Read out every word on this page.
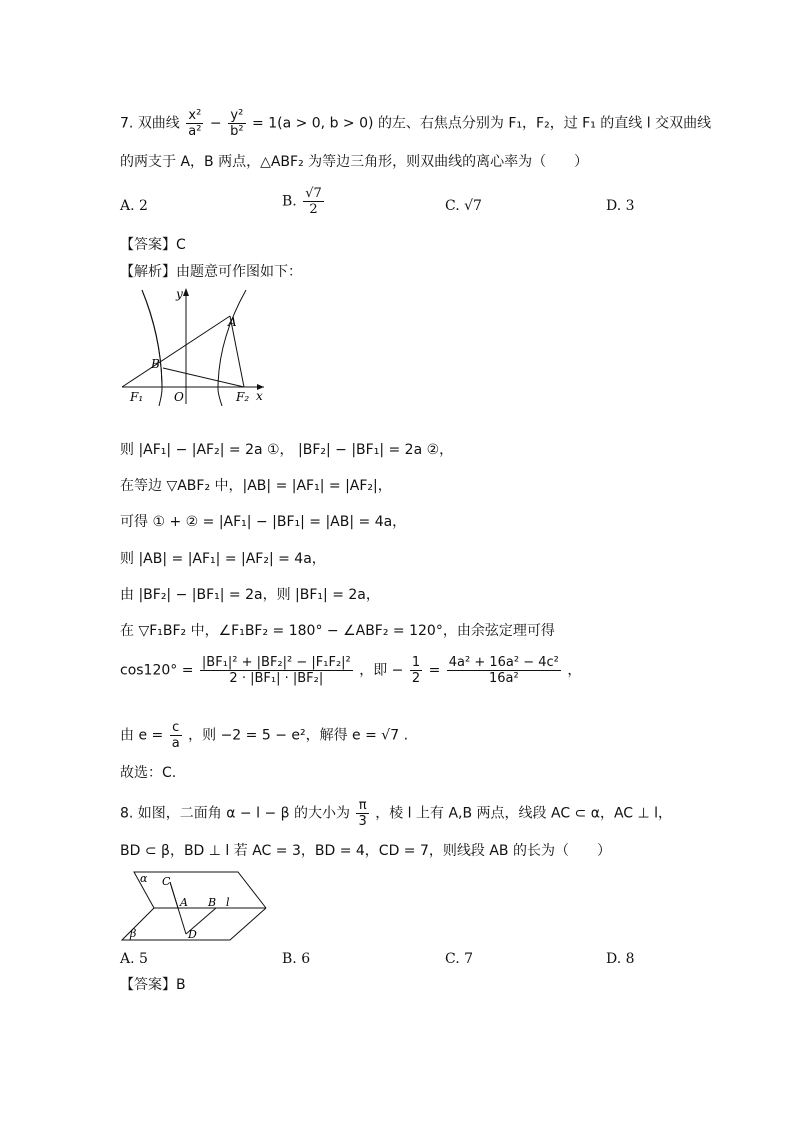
7. 双曲线 $\frac{\text{x²}}{\text{a²}} - \frac{\text{y²}}{\text{b²}} = 1(a > 0$, b > 0) 的左、右焦点分别为 F₁，F₂，过 F₁ 的直线 l 交双曲线
的两支于 A，B 两点，△ABF₂ 为等边三角形，则双曲线的离心率为（　　）
A. 2	B. $\frac{√7}{2}$	C. √7	D. 3
【答案】C
【解析】由题意可作图如下：
y
A
B
F₁	O	F₂ x
则 |AF₁| − |AF₂| = 2a ①， |BF₂| − |BF₁| = 2a ②，
在等边 ▽ABF₂ 中，|AB| = |AF₁| = |AF₂|，
可得 ① + ② = |AF₁| − |BF₁| = |AB| = 4a，
则 |AB| = |AF₁| = |AF₂| = 4a，
由 |BF₂| − |BF₁| = 2a，则 |BF₁| = 2a，
在 ▽F₁BF₂ 中，∠F₁BF₂ = 180° − ∠ABF₂ = 120°，由余弦定理可得
$\cos 120^\circ = \frac{\text{|BF₁|² + |BF₂|² − |F₁F₂|²}}{\text{2 · |BF₁| · |BF₂|}}$ ，即 − $\frac{1}{2} = \frac{\text{4a² + 16a² − 4c²}}{\text{16a²}}$ ，
由 $e = \frac{c}{a}$ ，则 −2 = 5 − e²，解得 e = √7 .
故选：C.
8. 如图，二面角 α − l − β 的大小为 $\frac{\pi}{3}$ ，棱 l 上有 A,B 两点，线段 AC ⊂ α，AC ⊥ l，
BD ⊂ β，BD ⊥ l 若 AC = 3，BD = 4，CD = 7，则线段 AB 的长为（　　）
α C
A B l
β	D
A. 5	B. 6	C. 7	D. 8
【答案】B
